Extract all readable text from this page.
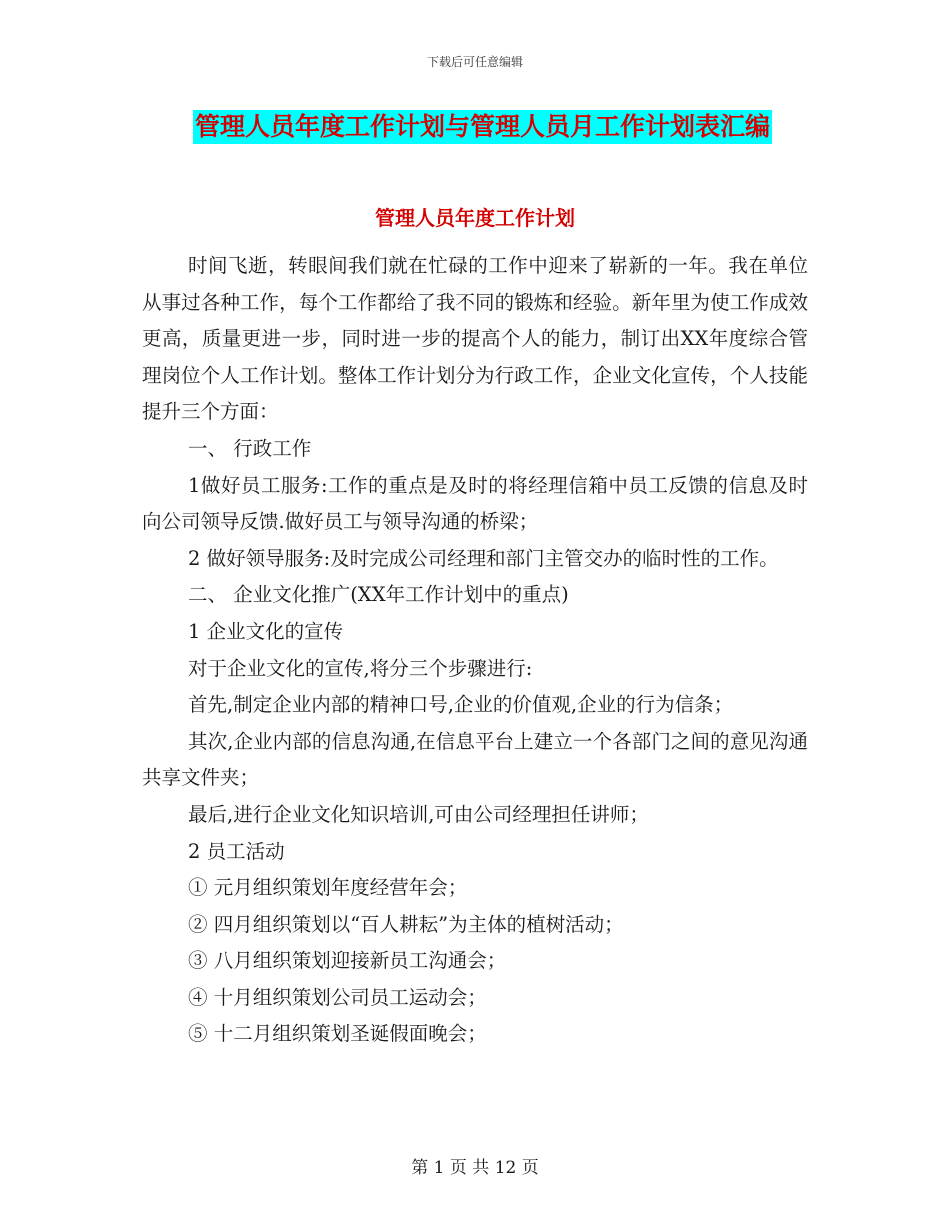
下载后可任意编辑
管理人员年度工作计划与管理人员月工作计划表汇编
管理人员年度工作计划

时间飞逝，转眼间我们就在忙碌的工作中迎来了崭新的一年。我在单位从事过各种工作，每个工作都给了我不同的锻炼和经验。新年里为使工作成效更高，质量更进一步，同时进一步的提高个人的能力，制订出XX年度综合管理岗位个人工作计划。整体工作计划分为行政工作，企业文化宣传，个人技能提升三个方面：

一、 行政工作

1做好员工服务:工作的重点是及时的将经理信箱中员工反馈的信息及时向公司领导反馈.做好员工与领导沟通的桥梁；

2 做好领导服务:及时完成公司经理和部门主管交办的临时性的工作。

二、 企业文化推广(XX年工作计划中的重点)

1 企业文化的宣传

对于企业文化的宣传,将分三个步骤进行:

首先,制定企业内部的精神口号,企业的价值观,企业的行为信条；

其次,企业内部的信息沟通,在信息平台上建立一个各部门之间的意见沟通共享文件夹；

最后,进行企业文化知识培训,可由公司经理担任讲师；

2 员工活动

① 元月组织策划年度经营年会；

② 四月组织策划以“百人耕耘”为主体的植树活动；

③ 八月组织策划迎接新员工沟通会；

④ 十月组织策划公司员工运动会；

⑤ 十二月组织策划圣诞假面晚会；

第 1 页 共 12 页
